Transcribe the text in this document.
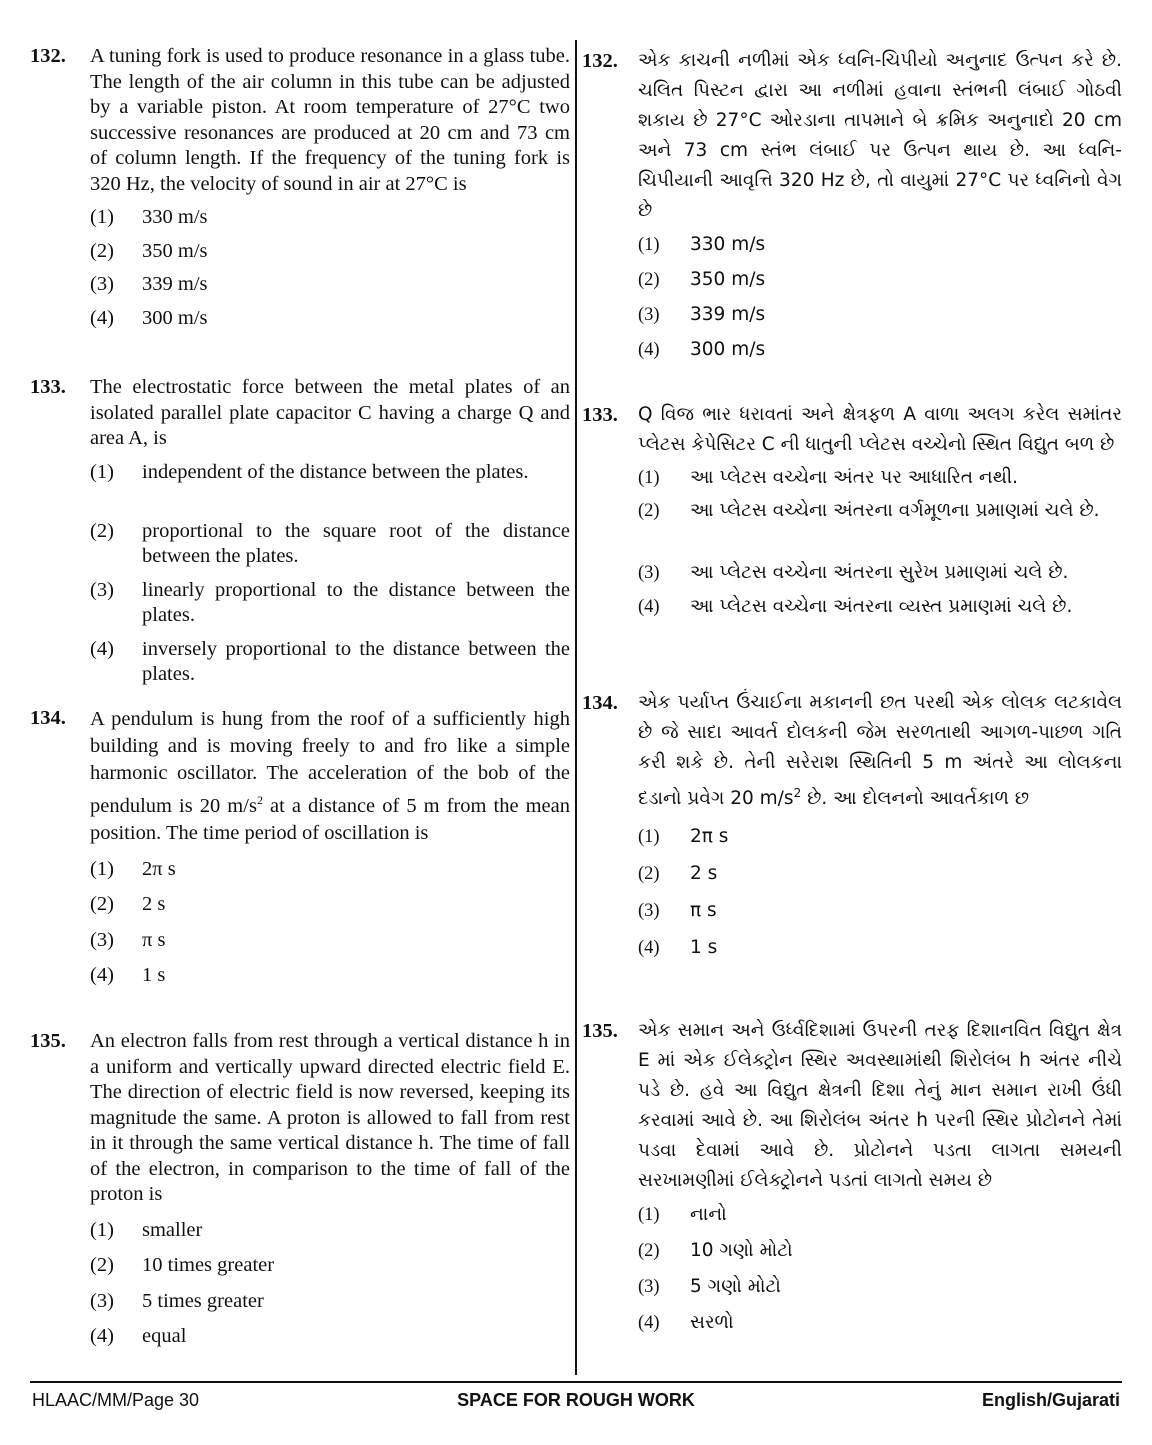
132. A tuning fork is used to produce resonance in a glass tube. The length of the air column in this tube can be adjusted by a variable piston. At room temperature of 27°C two successive resonances are produced at 20 cm and 73 cm of column length. If the frequency of the tuning fork is 320 Hz, the velocity of sound in air at 27°C is
(1) 330 m/s
(2) 350 m/s
(3) 339 m/s
(4) 300 m/s
133. The electrostatic force between the metal plates of an isolated parallel plate capacitor C having a charge Q and area A, is
(1) independent of the distance between the plates.
(2) proportional to the square root of the distance between the plates.
(3) linearly proportional to the distance between the plates.
(4) inversely proportional to the distance between the plates.
134. A pendulum is hung from the roof of a sufficiently high building and is moving freely to and fro like a simple harmonic oscillator. The acceleration of the bob of the pendulum is 20 $m/s^2$ at a distance of 5 m from the mean position. The time period of oscillation is
(1) 2π s
(2) 2 s
(3) π s
(4) 1 s
135. An electron falls from rest through a vertical distance h in a uniform and vertically upward directed electric field E. The direction of electric field is now reversed, keeping its magnitude the same. A proton is allowed to fall from rest in it through the same vertical distance h. The time of fall of the electron, in comparison to the time of fall of the proton is
(1) smaller
(2) 10 times greater
(3) 5 times greater
(4) equal
132. એક કાચની નળીમાં એક ધ્વનિ-ચિપીયો અનુનાદ ઉત્પન કરે છે. ચલિત પિસ્ટન દ્વારા આ નળીમાં હવાના સ્તંભની લંબાઈ ગોઠવી શકાય છે 27°C ઓરડાના તાપમાને બે ક્રમિક અનુનાદો 20 cm અને 73 cm સ્તંભ લંબાઈ પર ઉત્પન થાય છે. આ ધ્વનિ-ચિપીયાની આવૃત્તિ 320 Hz છે, તો વાયુમાં 27°C પર ધ્વનિનો વેગ છે
(1) 330 m/s
(2) 350 m/s
(3) 339 m/s
(4) 300 m/s
133. Q વિજ ભાર ધરાવતાં અને ક્ષેત્રફળ A વાળા અલગ કરેલ સમાંતર પ્લેટસ કેપેસિટર C ની ધાતુની પ્લેટસ વચ્ચેનો સ્થિત વિદ્યુત બળ છે
(1) આ પ્લેટસ વચ્ચેના અંતર પર આધારિત નથી.
(2) આ પ્લેટસ વચ્ચેના અંતરના વર્ગમૂળના પ્રમાણમાં ચલે છે.
(3) આ પ્લેટસ વચ્ચેના અંતરના સુરેખ પ્રમાણમાં ચલે છે.
(4) આ પ્લેટસ વચ્ચેના અંતરના વ્યસ્ત પ્રમાણમાં ચલે છે.
134. એક પર્યાપ્ત ઉંચાઈના મકાનની છત પરથી એક લોલક લટકાવેલ છે જે સાદા આવર્ત દોલકની જેમ સરળતાથી આગળ-પાછળ ગતિ કરી શકે છે. તેની સરેરાશ સ્થિતિની 5 m અંતરે આ લોલકના દડાનો પ્રવેગ 20 $m/s^2$ છે. આ દોલનનો આવર્તકાળ છ
(1) 2π s
(2) 2 s
(3) π s
(4) 1 s
135. એક સમાન અને ઉર્ધ્વદિશામાં ઉપરની તરફ દિશાનવિત વિદ્યુત ક્ષેત્ર E માં એક ઈલેક્ટ્રોન સ્થિર અવસ્થામાંથી શિરોલંબ h અંતર નીચે પડે છે. હવે આ વિદ્યુત ક્ષેત્રની દિશા તેનું માન સમાન રાખી ઉંધી કરવામાં આવે છે. આ શિરોલંબ અંતર h પરની સ્થિર પ્રોટોનને તેમાં પડવા દેવામાં આવે છે. પ્રોટોનને પડતા લાગતા સમયની સરખામણીમાં ઈલેક્ટ્રોનને પડતાં લાગતો સમય છે
(1) નાનો
(2) 10 ગણો મોટો
(3) 5 ગણો મોટો
(4) સરળો
HLAAC/MM/Page 30	SPACE FOR ROUGH WORK	English/Gujarati
